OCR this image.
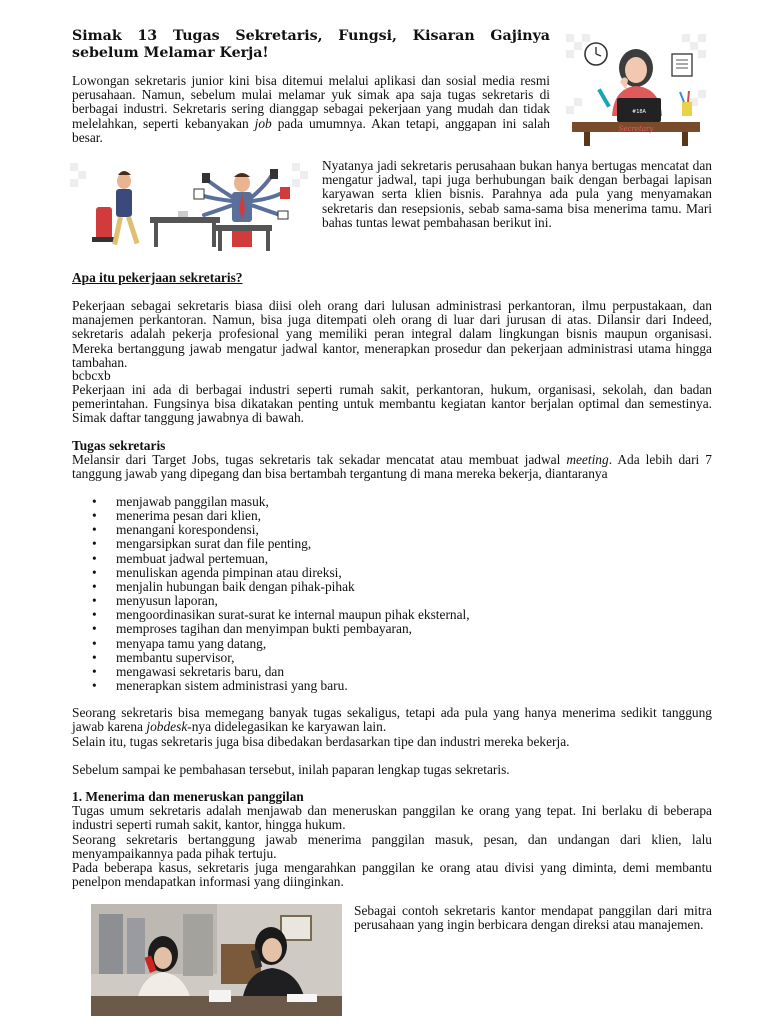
Simak 13 Tugas Sekretaris, Fungsi, Kisaran Gajinya sebelum Melamar Kerja!
#18A
Secretary

Lowongan sekretaris junior kini bisa ditemui melalui aplikasi dan sosial media resmi perusahaan. Namun, sebelum mulai melamar yuk simak apa saja tugas sekretaris di berbagai industri. Sekretaris sering dianggap sebagai pekerjaan yang mudah dan tidak melelahkan, seperti kebanyakan job pada umumnya. Akan tetapi, anggapan ini salah besar.

Nyatanya jadi sekretaris perusahaan bukan hanya bertugas mencatat dan mengatur jadwal, tapi juga berhubungan baik dengan berbagai lapisan karyawan serta klien bisnis. Parahnya ada pula yang menyamakan sekretaris dan resepsionis, sebab sama-sama bisa menerima tamu. Mari bahas tuntas lewat pembahasan berikut ini.

Apa itu pekerjaan sekretaris?

Pekerjaan sebagai sekretaris biasa diisi oleh orang dari lulusan administrasi perkantoran, ilmu perpustakaan, dan manajemen perkantoran. Namun, bisa juga ditempati oleh orang di luar dari jurusan di atas. Dilansir dari Indeed, sekretaris adalah pekerja profesional yang memiliki peran integral dalam lingkungan bisnis maupun organisasi. Mereka bertanggung jawab mengatur jadwal kantor, menerapkan prosedur dan pekerjaan administrasi utama hingga tambahan.

bcbcxb

Pekerjaan ini ada di berbagai industri seperti rumah sakit, perkantoran, hukum, organisasi, sekolah, dan badan pemerintahan. Fungsinya bisa dikatakan penting untuk membantu kegiatan kantor berjalan optimal dan semestinya. Simak daftar tanggung jawabnya di bawah.

Tugas sekretaris

Melansir dari Target Jobs, tugas sekretaris tak sekadar mencatat atau membuat jadwal meeting. Ada lebih dari 7 tanggung jawab yang dipegang dan bisa bertambah tergantung di mana mereka bekerja, diantaranya

• menjawab panggilan masuk,
• menerima pesan dari klien,
• menangani korespondensi,
• mengarsipkan surat dan file penting,
• membuat jadwal pertemuan,
• menuliskan agenda pimpinan atau direksi,
• menjalin hubungan baik dengan pihak-pihak
• menyusun laporan,
• mengoordinasikan surat-surat ke internal maupun pihak eksternal,
• memproses tagihan dan menyimpan bukti pembayaran,
• menyapa tamu yang datang,
• membantu supervisor,
• mengawasi sekretaris baru, dan
• menerapkan sistem administrasi yang baru.

Seorang sekretaris bisa memegang banyak tugas sekaligus, tetapi ada pula yang hanya menerima sedikit tanggung jawab karena jobdesk-nya didelegasikan ke karyawan lain.

Selain itu, tugas sekretaris juga bisa dibedakan berdasarkan tipe dan industri mereka bekerja.

Sebelum sampai ke pembahasan tersebut, inilah paparan lengkap tugas sekretaris.

1. Menerima dan meneruskan panggilan

Tugas umum sekretaris adalah menjawab dan meneruskan panggilan ke orang yang tepat. Ini berlaku di beberapa industri seperti rumah sakit, kantor, hingga hukum.

Seorang sekretaris bertanggung jawab menerima panggilan masuk, pesan, dan undangan dari klien, lalu menyampaikannya pada pihak tertuju.

Pada beberapa kasus, sekretaris juga mengarahkan panggilan ke orang atau divisi yang diminta, demi membantu penelpon mendapatkan informasi yang diinginkan.

Sebagai contoh sekretaris kantor mendapat panggilan dari mitra perusahaan yang ingin berbicara dengan direksi atau manajemen.
